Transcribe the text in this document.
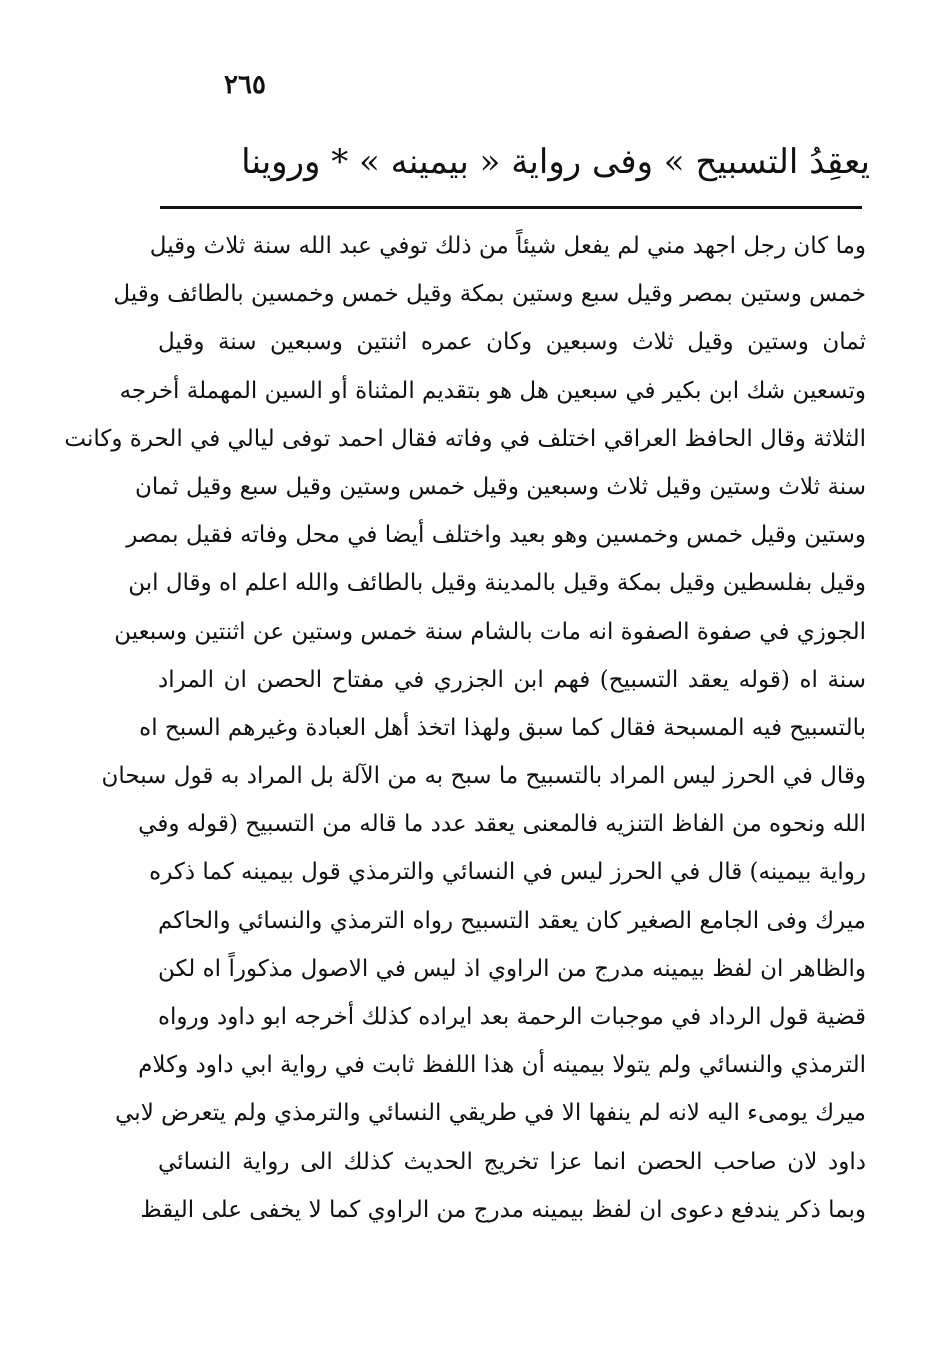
٢٦٥
يعقِدُ التسبيح » وفى رواية « بيمينه » * وروينا
وما كان رجل اجهد مني لم يفعل شيئاً من ذلك توفي عبد الله سنة ثلاث وقيل
خمس وستين بمصر وقيل سبع وستين بمكة وقيل خمس وخمسين بالطائف وقيل
ثمان وستين وقيل ثلاث وسبعين وكان عمره اثنتين وسبعين سنة وقيل
وتسعين شك ابن بكير في سبعين هل هو بتقديم المثناة أو السين المهملة أخرجه
الثلاثة وقال الحافظ العراقي اختلف في وفاته فقال احمد توفى ليالي في الحرة وكانت
سنة ثلاث وستين وقيل ثلاث وسبعين وقيل خمس وستين وقيل سبع وقيل ثمان
وستين وقيل خمس وخمسين وهو بعيد واختلف أيضا في محل وفاته فقيل بمصر
وقيل بفلسطين وقيل بمكة وقيل بالمدينة وقيل بالطائف والله اعلم اه وقال ابن
الجوزي في صفوة الصفوة انه مات بالشام سنة خمس وستين عن اثنتين وسبعين
سنة اه (قوله يعقد التسبيح) فهم ابن الجزري في مفتاح الحصن ان المراد
بالتسبيح فيه المسبحة فقال كما سبق ولهذا اتخذ أهل العبادة وغيرهم السبح اه
وقال في الحرز ليس المراد بالتسبيح ما سبح به من الآلة بل المراد به قول سبحان
الله ونحوه من الفاظ التنزيه فالمعنى يعقد عدد ما قاله من التسبيح (قوله وفي
رواية بيمينه) قال في الحرز ليس في النسائي والترمذي قول بيمينه كما ذكره
ميرك وفى الجامع الصغير كان يعقد التسبيح رواه الترمذي والنسائي والحاكم
والظاهر ان لفظ بيمينه مدرج من الراوي اذ ليس في الاصول مذكوراً اه لكن
قضية قول الرداد في موجبات الرحمة بعد ايراده كذلك أخرجه ابو داود ورواه
الترمذي والنسائي ولم يتولا بيمينه أن هذا اللفظ ثابت في رواية ابي داود وكلام
ميرك يومىء اليه لانه لم ينفها الا في طريقي النسائي والترمذي ولم يتعرض لابي
داود لان صاحب الحصن انما عزا تخريج الحديث كذلك الى رواية النسائي
وبما ذكر يندفع دعوى ان لفظ بيمينه مدرج من الراوي كما لا يخفى على اليقظ
